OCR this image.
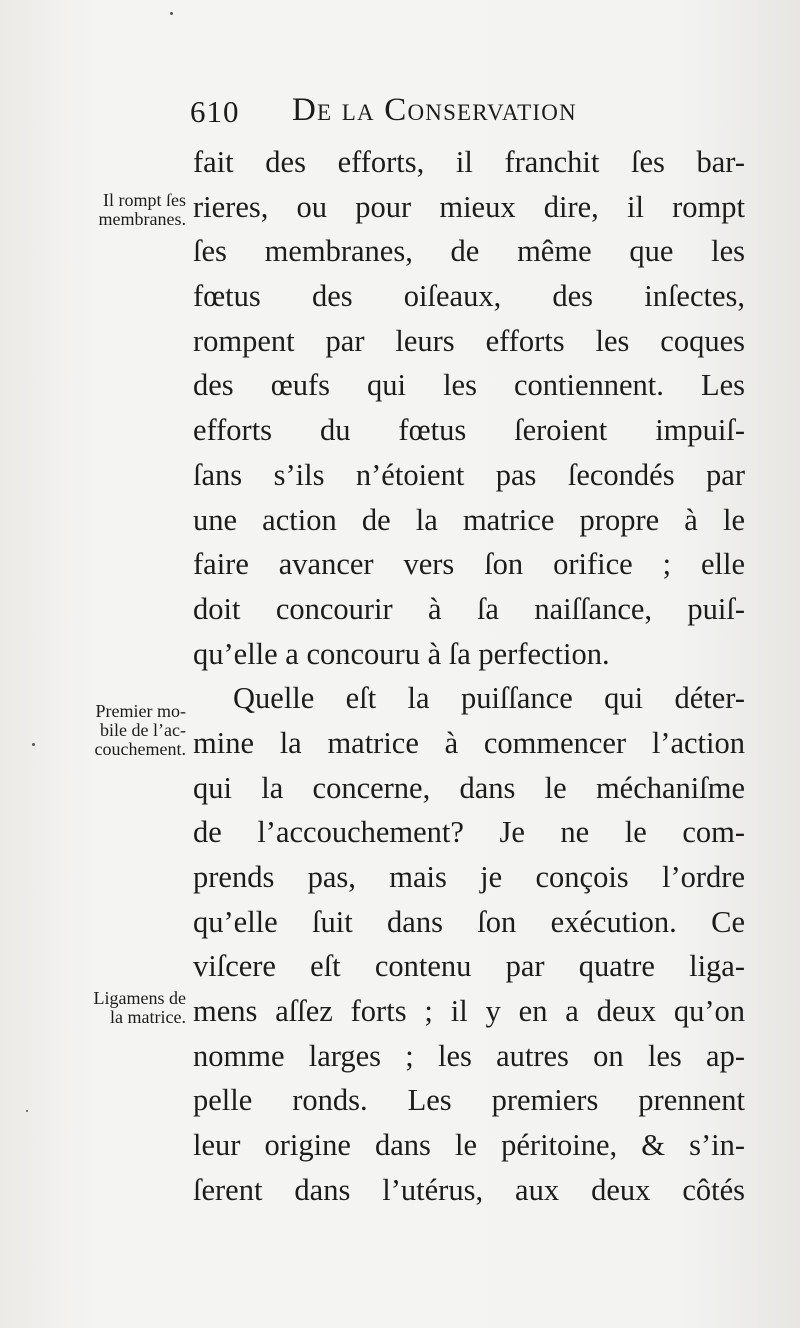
610 De la Conservation
Il rompt ſes
membranes.
Premier mo-
bile de l’ac-
couchement.
Ligamens de
la matrice.
fait des efforts, il franchit ſes bar-
rieres, ou pour mieux dire, il rompt
ſes membranes, de même que les
fœtus des oiſeaux, des inſectes,
rompent par leurs efforts les coques
des œufs qui les contiennent. Les
efforts du fœtus ſeroient impuiſ-
ſans s’ils n’étoient pas ſecondés par
une action de la matrice propre à le
faire avancer vers ſon orifice ; elle
doit concourir à ſa naiſſance, puiſ-
qu’elle a concouru à ſa perfection.
Quelle eſt la puiſſance qui déter-
mine la matrice à commencer l’action
qui la concerne, dans le méchaniſme
de l’accouchement? Je ne le com-
prends pas, mais je conçois l’ordre
qu’elle ſuit dans ſon exécution. Ce
viſcere eſt contenu par quatre liga-
mens aſſez forts ; il y en a deux qu’on
nomme larges ; les autres on les ap-
pelle ronds. Les premiers prennent
leur origine dans le péritoine, & s’in-
ſerent dans l’utérus, aux deux côtés
